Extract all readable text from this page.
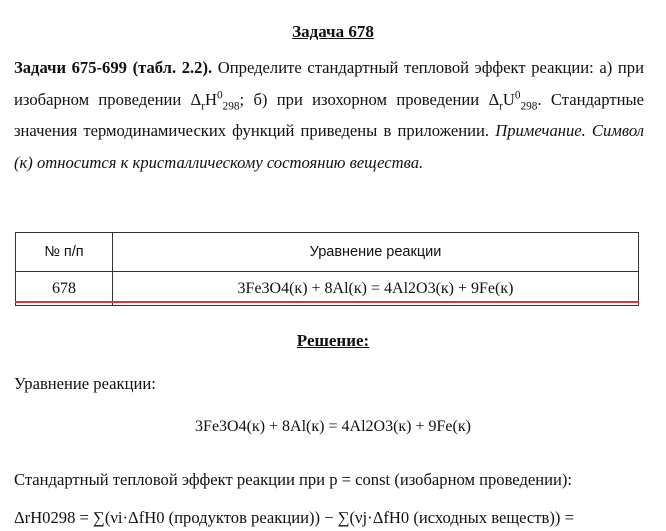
Задача 678
Задачи 675-699 (табл. 2.2). Определите стандартный тепловой эффект реакции: а) при изобарном проведении $\Delta_rH^0_{298}$; б) при изохорном проведении $\Delta_rU^0_{298}$. Стандартные значения термодинамических функций приведены в приложении. Примечание. Символ (к) относится к кристаллическому состоянию вещества.
№ п/п	Уравнение реакции
678	3Fe3O4(к) + 8Al(к) = 4Al2O3(к) + 9Fe(к)
Решение:
Уравнение реакции:
3Fe3O4(к) + 8Al(к) = 4Al2O3(к) + 9Fe(к)
Стандартный тепловой эффект реакции при p = const (изобарном проведении):
ΔrH0298 = ∑(νi·ΔfH0 (продуктов реакции)) − ∑(νj·ΔfH0 (исходных веществ)) =
